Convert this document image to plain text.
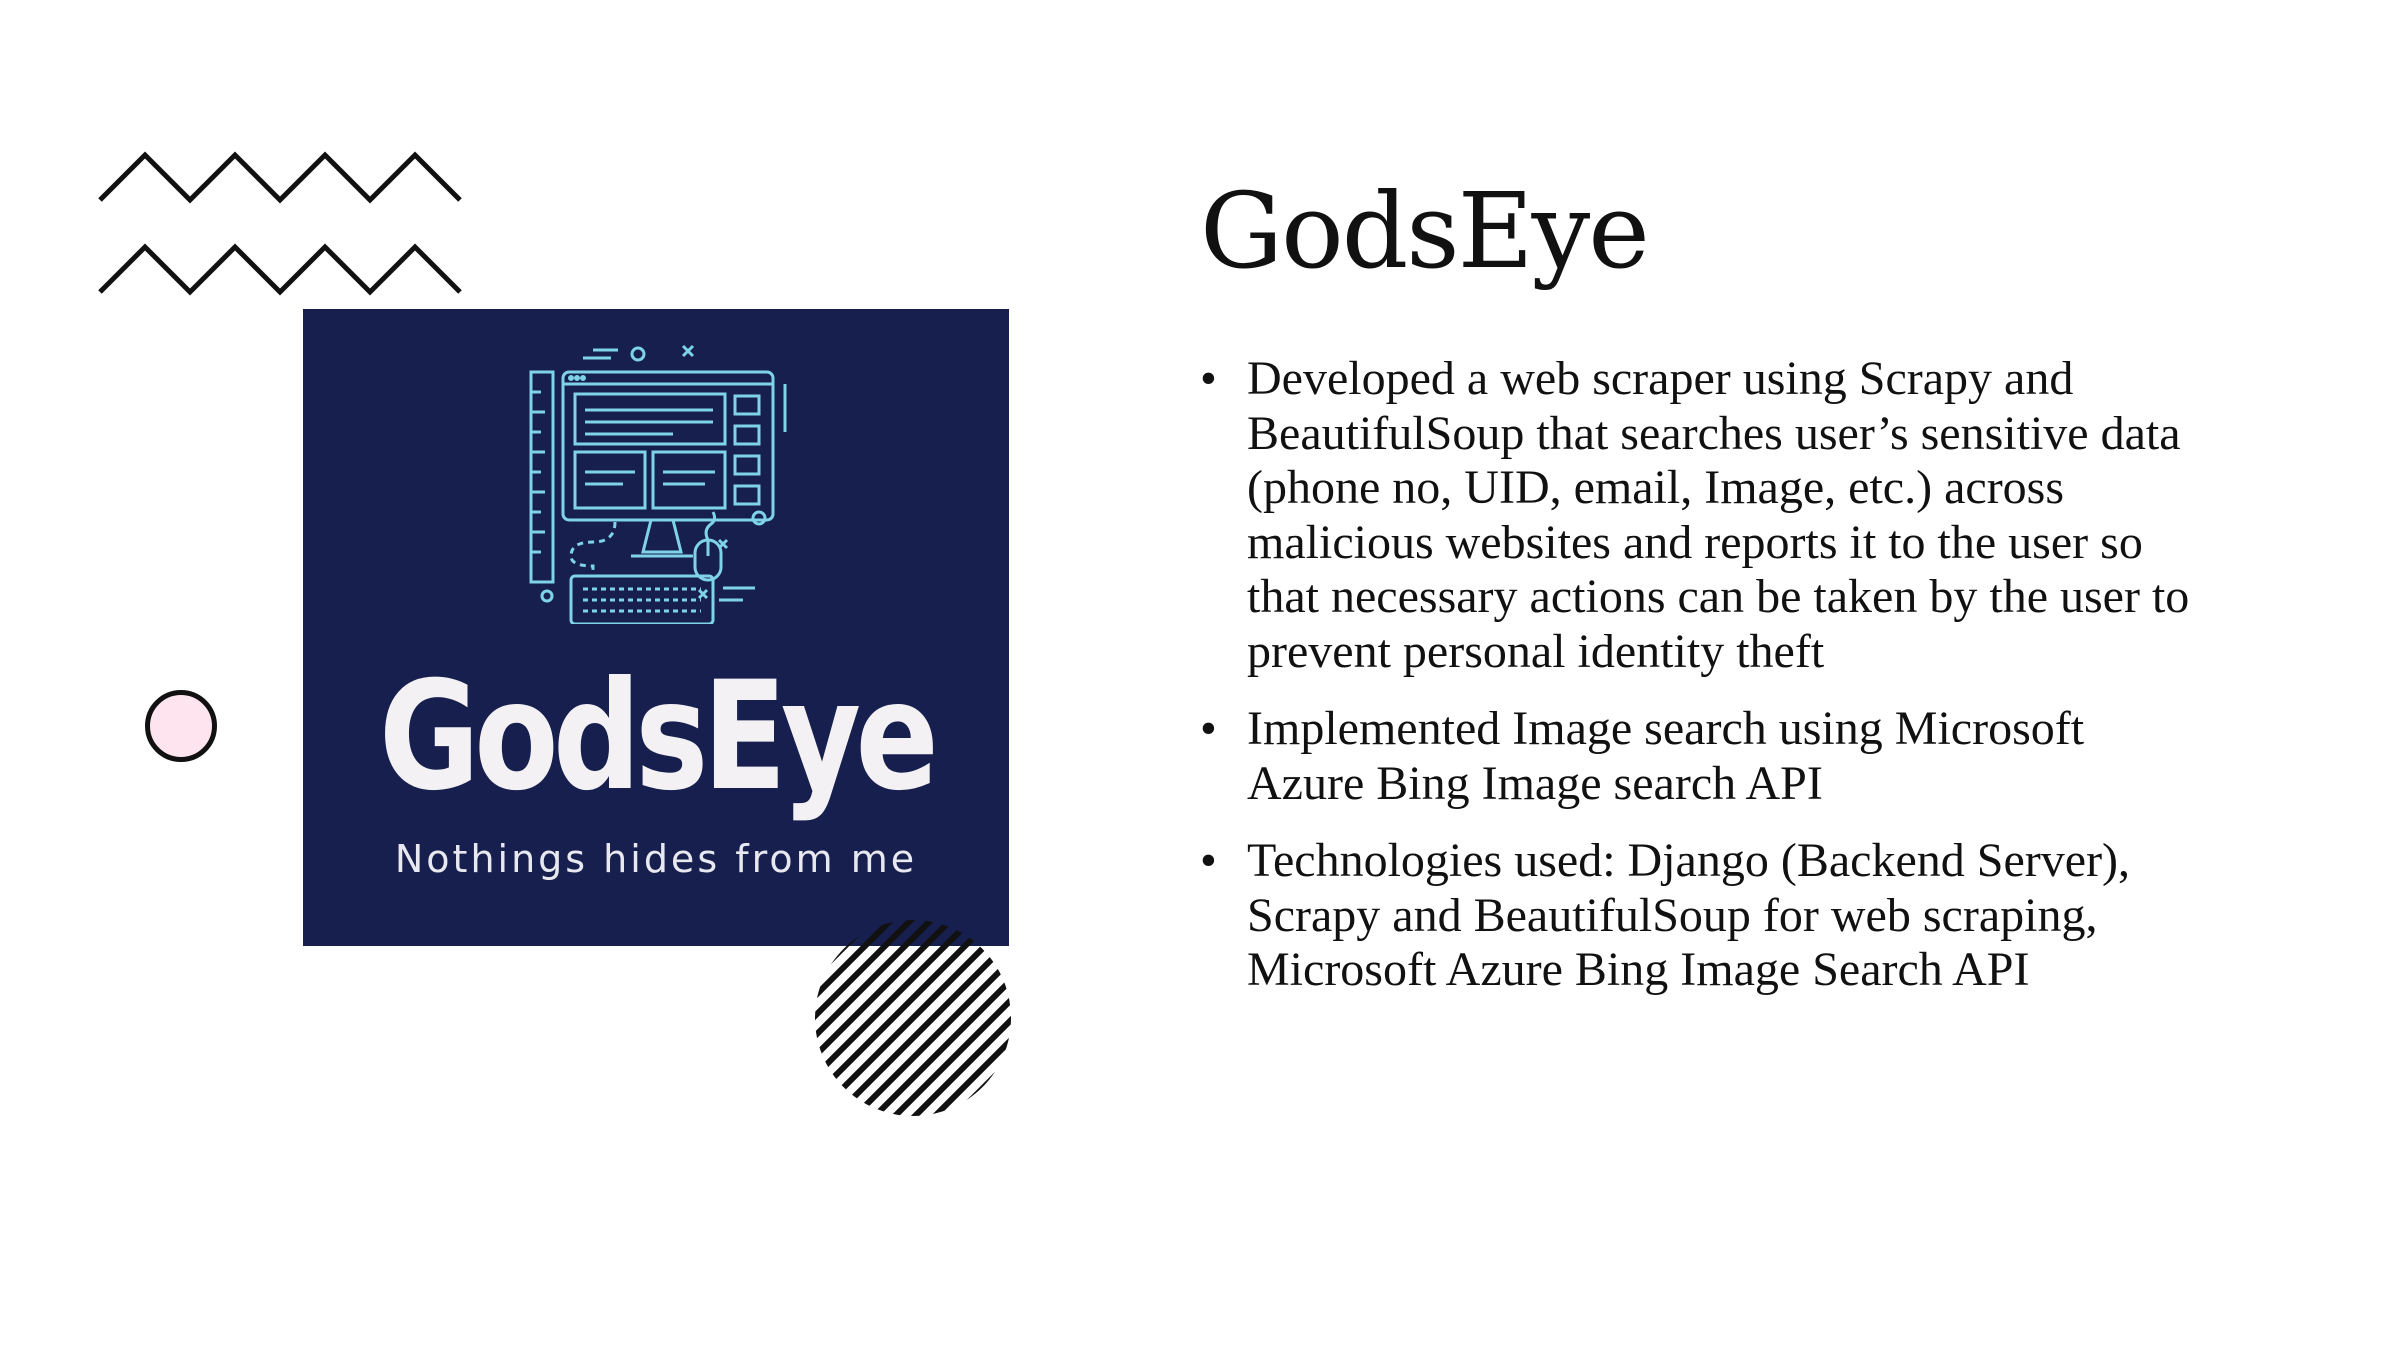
GodsEye
Nothings hides from me
GodsEye
• Developed a web scraper using Scrapy and BeautifulSoup that searches user’s sensitive data (phone no, UID, email, Image, etc.) across malicious websites and reports it to the user so that necessary actions can be taken by the user to prevent personal identity theft
• Implemented Image search using Microsoft Azure Bing Image search API
• Technologies used: Django (Backend Server), Scrapy and BeautifulSoup for web scraping, Microsoft Azure Bing Image Search API
